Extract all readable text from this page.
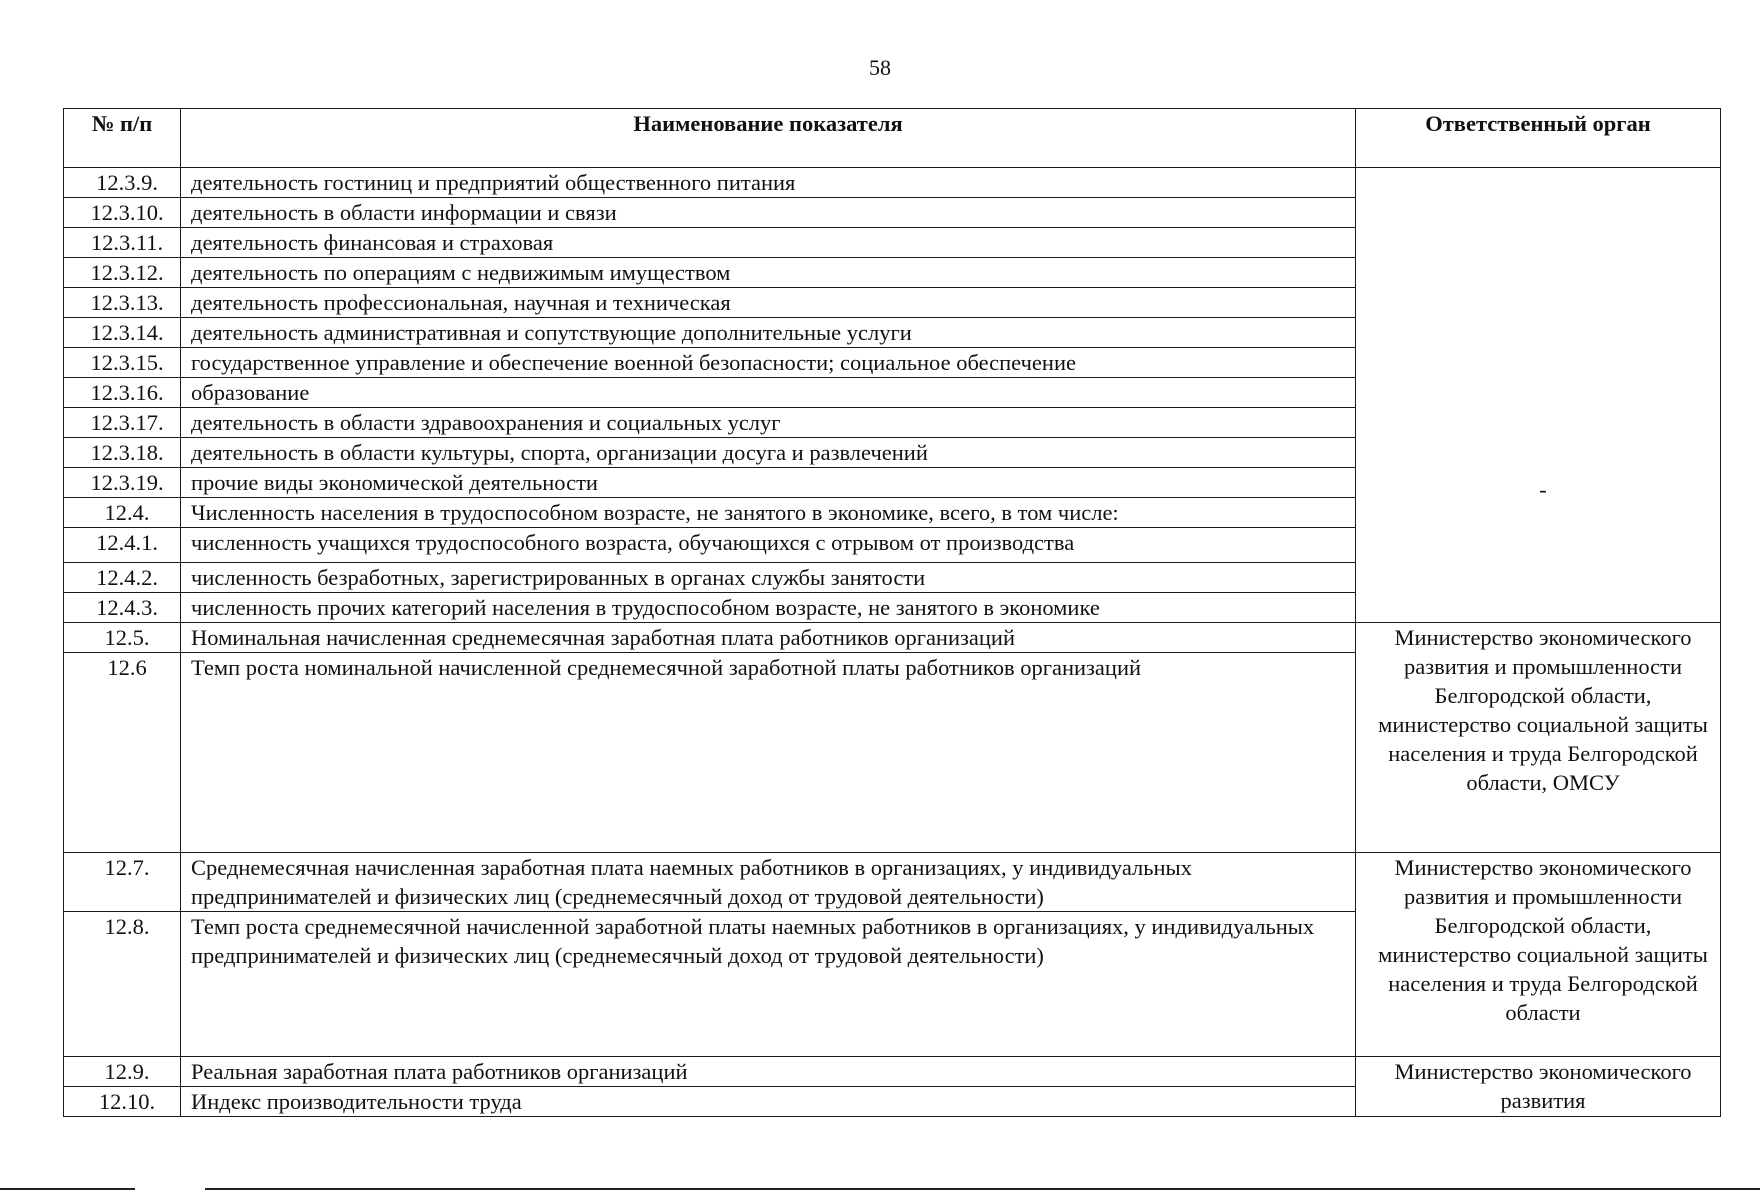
58
№ п/п	Наименование показателя	Ответственный орган
12.3.9.	деятельность гостиниц и предприятий общественного питания	-

12.3.10.	деятельность в области информации и связи	
12.3.11.	деятельность финансовая и страховая	
12.3.12.	деятельность по операциям с недвижимым имуществом	
12.3.13.	деятельность профессиональная, научная и техническая	
12.3.14.	деятельность административная и сопутствующие дополнительные услуги	
12.3.15.	государственное управление и обеспечение военной безопасности; социальное обеспечение	
12.3.16.	образование	
12.3.17.	деятельность в области здравоохранения и социальных услуг	
12.3.18.	деятельность в области культуры, спорта, организации досуга и развлечений	
12.3.19.	прочие виды экономической деятельности	
12.4.	Численность населения в трудоспособном возрасте, не занятого в экономике, всего, в том числе:	
12.4.1.	численность учащихся трудоспособного возраста, обучающихся с отрывом от производства	
12.4.2.	численность безработных, зарегистрированных в органах службы занятости	
12.4.3.	численность прочих категорий населения в трудоспособном возрасте, не занятого в экономике	
12.5.	Номинальная начисленная среднемесячная заработная плата работников организаций	Министерство экономического развития и промышленности Белгородской области, министерство социальной защиты населения и труда Белгородской области, ОМСУ
12.6	Темп роста номинальной начисленной среднемесячной заработной платы работников организаций	
12.7.	Среднемесячная начисленная заработная плата наемных работников в организациях, у индивидуальных предпринимателей и физических лиц (среднемесячный доход от трудовой деятельности)	Министерство экономического развития и промышленности Белгородской области, министерство социальной защиты населения и труда Белгородской области
12.8.	Темп роста среднемесячной начисленной заработной платы наемных работников в организациях, у индивидуальных предпринимателей и физических лиц (среднемесячный доход от трудовой деятельности)	
12.9.	Реальная заработная плата работников организаций	Министерство экономического развития
12.10.	Индекс производительности труда	
